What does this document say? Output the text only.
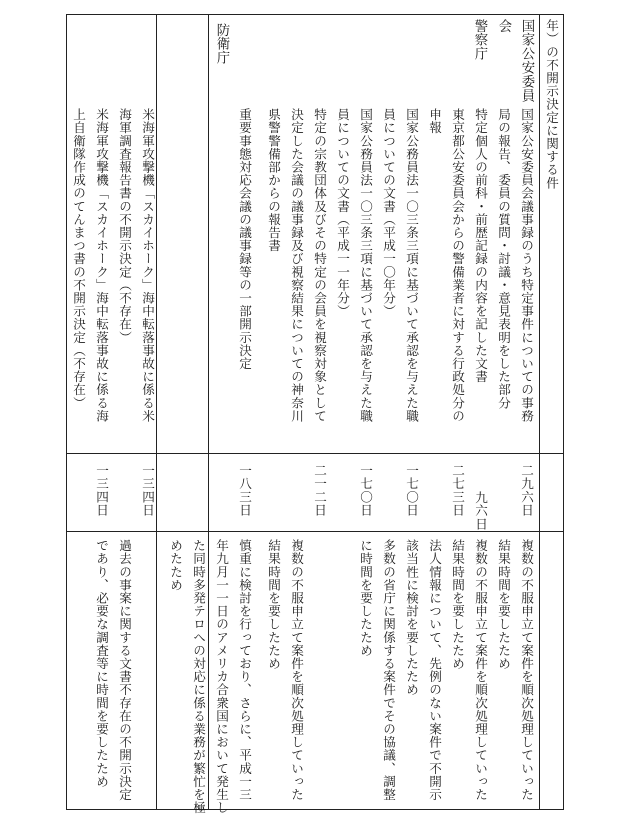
年）の不開示決定に関する件
国家公安委員
会
警察庁
防衛庁
国家公安委員会議事録のうち特定事件についての事務
局の報告、委員の質問・討議・意見表明をした部分
二九六日
複数の不服申立て案件を順次処理していった
結果時間を要したため
特定個人の前科・前歴記録の内容を記した文書
九六日
複数の不服申立て案件を順次処理していった
結果時間を要したため
東京都公安委員会からの警備業者に対する行政処分の
申報
二七三日
法人情報について、先例のない案件で不開示
該当性に検討を要したため
国家公務員法一〇三条三項に基づいて承認を与えた職
員についての文書（平成一〇年分）
一七〇日
多数の省庁に関係する案件でその協議、調整
に時間を要したため
国家公務員法一〇三条三項に基づいて承認を与えた職
員についての文書（平成一一年分）
一七〇日
特定の宗教団体及びその特定の会員を視察対象として
決定した会議の議事録及び視察結果についての神奈川
県警警備部からの報告書
二一二日
複数の不服申立て案件を順次処理していった
結果時間を要したため
重要事態対応会議の議事録等の一部開示決定
一八三日
慎重に検討を行っており、さらに、平成一三
年九月一一日のアメリカ合衆国において発生し
た同時多発テロへの対応に係る業務が繁忙を極
めたため
米海軍攻撃機「スカイホーク」海中転落事故に係る米
海軍調査報告書の不開示決定（不存在）
一三四日
過去の事案に関する文書不存在の不開示決定
であり、必要な調査等に時間を要したため
米海軍攻撃機「スカイホーク」海中転落事故に係る海
上自衛隊作成のてんまつ書の不開示決定（不存在）
一三四日
